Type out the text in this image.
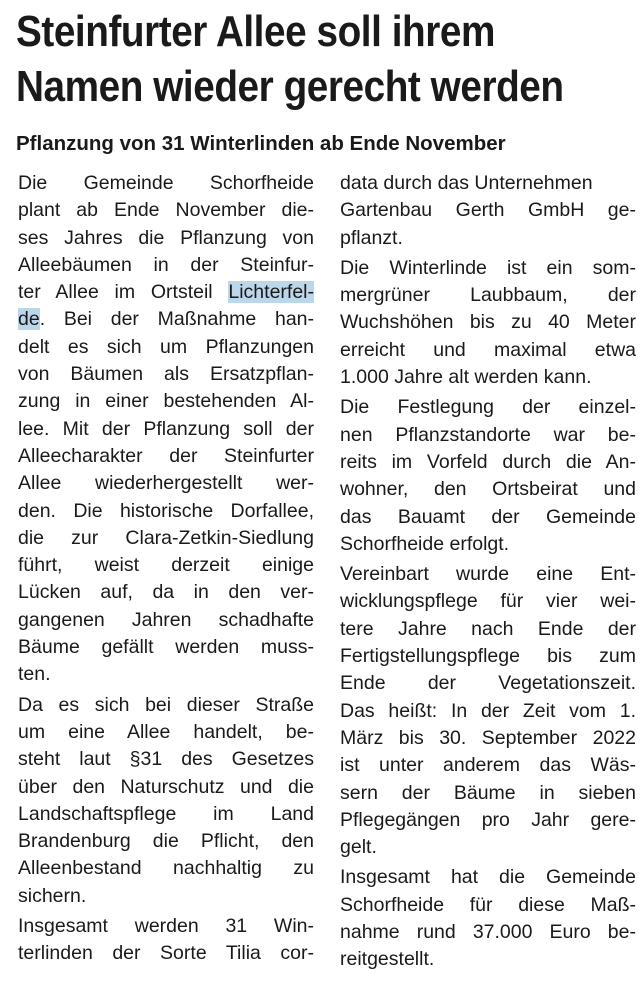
Steinfurter Allee soll ihrem
Namen wieder gerecht werden
Pflanzung von 31 Winterlinden ab Ende November
Die Gemeinde Schorfheide
plant ab Ende November die-
ses Jahres die Pflanzung von
Alleebäumen in der Steinfur-
ter Allee im Ortsteil Lichterfel-
de. Bei der Maßnahme han-
delt es sich um Pflanzungen
von Bäumen als Ersatzpflan-
zung in einer bestehenden Al-
lee. Mit der Pflanzung soll der
Alleecharakter der Steinfurter
Allee wiederhergestellt wer-
den. Die historische Dorfallee,
die zur Clara-Zetkin-Siedlung
führt, weist derzeit einige
Lücken auf, da in den ver-
gangenen Jahren schadhafte
Bäume gefällt werden muss-
ten.
Da es sich bei dieser Straße
um eine Allee handelt, be-
steht laut §31 des Gesetzes
über den Naturschutz und die
Landschaftspflege im Land
Brandenburg die Pflicht, den
Alleenbestand nachhaltig zu
sichern.
Insgesamt werden 31 Win-
terlinden der Sorte Tilia cor-
data durch das Unternehmen
Gartenbau Gerth GmbH ge-
pflanzt.
Die Winterlinde ist ein som-
mergrüner Laubbaum, der
Wuchshöhen bis zu 40 Meter
erreicht und maximal etwa
1.000 Jahre alt werden kann.
Die Festlegung der einzel-
nen Pflanzstandorte war be-
reits im Vorfeld durch die An-
wohner, den Ortsbeirat und
das Bauamt der Gemeinde
Schorfheide erfolgt.
Vereinbart wurde eine Ent-
wicklungspflege für vier wei-
tere Jahre nach Ende der
Fertigstellungspflege bis zum
Ende der Vegetationszeit.
Das heißt: In der Zeit vom 1.
März bis 30. September 2022
ist unter anderem das Wäs-
sern der Bäume in sieben
Pflegegängen pro Jahr gere-
gelt.
Insgesamt hat die Gemeinde
Schorfheide für diese Maß-
nahme rund 37.000 Euro be-
reitgestellt.
